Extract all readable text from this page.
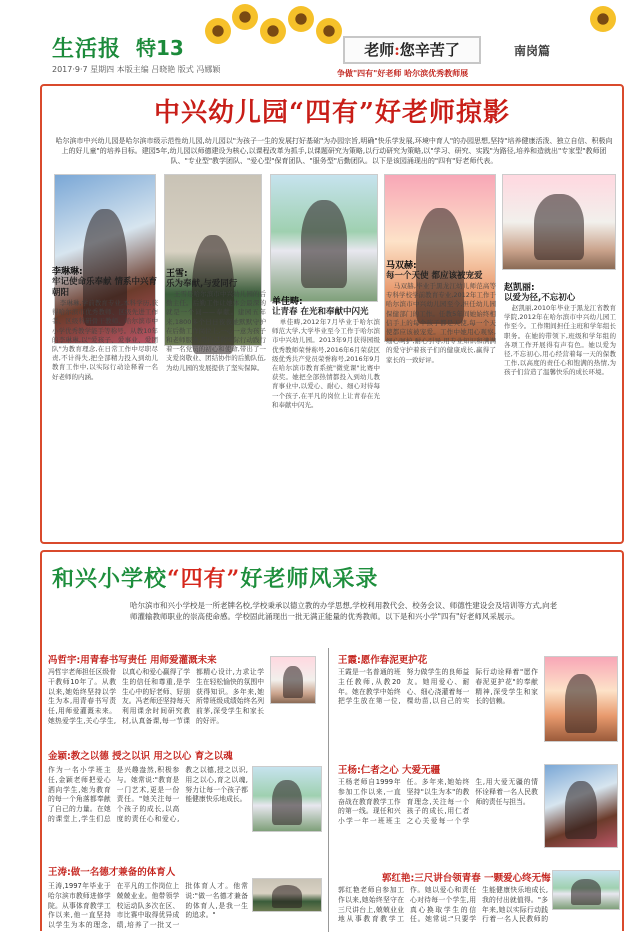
生活报 特13
2017·9·7 星期四 本版主编 吕晓艳 版式 冯娜颖
老师:您辛苦了	南岗篇
争做"四有"好老师 哈尔滨优秀教师展
中兴幼儿园“四有”好老师掠影
哈尔滨市中兴幼儿园是哈尔滨市级示范性幼儿园,幼儿园以"为孩子一生的发展打好基础"为办园宗旨,明确"快乐学发展,环境中育人"的办园思想,坚持"培养健康活泼、独立自信、积极向上的好儿童"的培养目标。建园5年,幼儿园以师德建设为核心,以课程改革为抓手,以课题研究为策略,以行动研究为策略,以"学习、研究、实践"为路径,培养和造就出"专家型"教师团队、"专业型"教学团队、"爱心型"保育团队、"服务型"后勤团队。以下是该园涌现出的"四有"好老师代表。
李琳琳:
牢记使命乐奉献 情系中兴育朝阳
李琳琳,学前教育专业,本科学历,获得哈尔滨市优秀教师、区级先进工作者、区级科研骨干教师、哈尔滨市中小学优秀教学能手等称号。从教10年的李琳琳,以"爱孩子、爱事业、爱团队"为教育理念,在日常工作中尽职尽责,不计得失,把全部精力投入到幼儿教育工作中,以实际行动诠释着一名好老师的内涵。
王雪:
乐为奉献,与爱同行
王雪是哈尔滨市中兴幼儿园的后勤主任。后勤工作让她体会最深的就是一个词——奉献。建园五年来,1800多个日日夜夜她默默守护在后勤工作岗位上,一心一意为孩子和老师服务,用自己的实际行动践行着一名党员的初心和使命,带出了一支爱岗敬业、团结协作的后勤队伍,为幼儿园的发展提供了坚实保障。
单佳畴:
让青春 在光和奉献中闪光
单佳畴,2012年7月毕业于哈尔滨师范大学,大学毕业至今工作于哈尔滨市中兴幼儿园。2013年9月获得园级优秀教师荣誉称号,2016年6月荣获区级优秀共产党员荣誉称号,2016年9月在哈尔滨市教育系统"微党课"比赛中获奖。她把全部热情都投入到幼儿教育事业中,以爱心、耐心、细心对待每一个孩子,在平凡的岗位上让青春在光和奉献中闪光。
马双赫:
每一个天使 都应该被宠爱
马双赫,毕业于黑龙江幼儿师范高等专科学校学前教育专业,2012年工作于哈尔滨市中兴幼儿园至今,担任幼儿园保健部门的工作。任教5年间她始终相信手上的每个孩子都是天使,每一个天使都应该被宠爱。工作中她用心观察,细心呵护,耐心引导,用专业知识和满满的爱守护着孩子们的健康成长,赢得了家长的一致好评。
赵凯丽:
以爱为径,不忘初心
赵凯丽,2010年毕业于黑龙江省教育学院,2012年在哈尔滨市中兴幼儿园工作至今。工作期间担任主班和学年组长职务。在她的带领下,班级和学年组的各项工作开展得有声有色。她以爱为径,不忘初心,用心经营着每一天的保教工作,以高度的责任心和饱满的热情,为孩子们营造了温馨快乐的成长环境。
和兴小学校“四有”好老师风采录
哈尔滨市和兴小学校是一所老牌名校,学校秉承以德立教的办学思想,学校利用教代会、校务会议、师德性建设会及培训等方式,向老师灌输教师职业的崇高使命感。学校固此涌现出一批无满正能量的优秀教师。以下是和兴小学"四有"好老师风采展示。
冯哲宇:用青春书写责任 用师爱灌溉未来
冯哲宇老师担任区级骨干教师10年了。从教以来,她始终坚持以学生为本,用青春书写责任,用师爱灌溉未来。她热爱学生,关心学生,以真心和爱心赢得了学生的信任和尊重,是学生心中的好老师、好朋友。冯老师还坚持每天利用课余时间研究教材,认真备课,每一节课都精心设计,力求让学生在轻松愉快的氛围中获得知识。多年来,她所带班级成绩始终名列前茅,深受学生和家长的好评。
金颖:教之以德 授之以识 用之以心 育之以魂
作为一名小学班主任,金颖老师把爱心洒向学生,她为教育的每一个角落都奉献了自己的力量。在她的课堂上,学生们总是兴趣盎然,积极参与。她常说:"教育是一门艺术,更是一份责任。"她关注每一个孩子的成长,以高度的责任心和爱心,教之以德,授之以识,用之以心,育之以魂,努力让每一个孩子都能健康快乐地成长。
王涛:做一名德才兼备的体育人
王涛,1997年毕业于哈尔滨市教师进修学院。从事体育教学工作以来,他一直坚持以学生为本的理念,在平凡的工作岗位上兢兢业业。他带领学校运动队多次在区、市比赛中取得优异成绩,培养了一批又一批体育人才。他常说:"做一名德才兼备的体育人,是我一生的追求。"
王霞:愿作春泥更护花
王霞是一名普通的班主任教师,从教20年。她在教学中始终把学生放在第一位,努力做学生的良师益友。她用爱心、耐心、细心浇灌着每一棵幼苗,以自己的实际行动诠释着"愿作春泥更护花"的奉献精神,深受学生和家长的信赖。
王杨:仁者之心 大爱无疆
王杨老师自1999年参加工作以来,一直奋战在教育教学工作的第一线。现任和兴小学一年一班班主任。多年来,她始终坚持"以生为本"的教育理念,关注每一个孩子的成长,用仁者之心关爱每一个学生,用大爱无疆的情怀诠释着一名人民教师的责任与担当。
郭红艳:三尺讲台领青春 一颗爱心终无悔
郭红艳老师自参加工作以来,她始终坚守在三尺讲台上,兢兢业业地从事教育教学工作。她以爱心和责任心对待每一个学生,用真心换取学生的信任。她常说:"只要学生能健康快乐地成长,我的付出就值得。"多年来,她以实际行动践行着一名人民教师的
